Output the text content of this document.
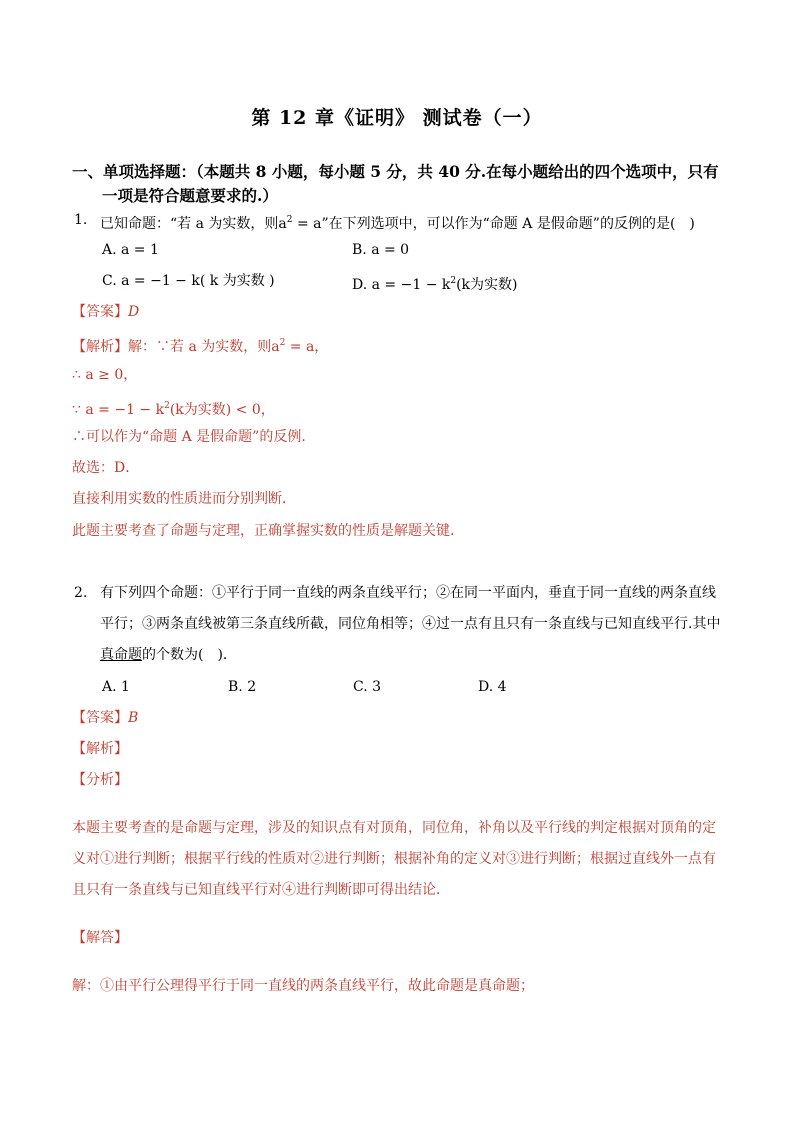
第 12 章《证明》 测试卷（一）
一、单项选择题：（本题共 8 小题，每小题 5 分，共 40 分.在每小题给出的四个选项中，只有
一项是符合题意要求的.）
1. 已知命题：“若 a 为实数，则$a^2 = a$”在下列选项中，可以作为“命题 A 是假命题”的反例的是(　)
A. a = 1	B. a = 0
C. a = −1 − k( k 为实数 )	D. $a = -1 - k^2(k$为实数)
【答案】D
【解析】解：∵若 a 为实数，则$a^2 = a$，
∴ a ≥ 0，
∵ $a = -1 - k^2(k$为实数) < 0，
∴可以作为“命题 A 是假命题”的反例．
故选：D．
直接利用实数的性质进而分别判断．
此题主要考查了命题与定理，正确掌握实数的性质是解题关键．
2. 有下列四个命题：①平行于同一直线的两条直线平行；②在同一平面内，垂直于同一直线的两条直线
平行；③两条直线被第三条直线所截，同位角相等；④过一点有且只有一条直线与已知直线平行.其中
真命题的个数为(　)．
A. 1	B. 2	C. 3	D. 4
【答案】B
【解析】
【分析】
本题主要考查的是命题与定理，涉及的知识点有对顶角，同位角，补角以及平行线的判定根据对顶角的定
义对①进行判断；根据平行线的性质对②进行判断；根据补角的定义对③进行判断；根据过直线外一点有
且只有一条直线与已知直线平行对④进行判断即可得出结论．
【解答】
解：①由平行公理得平行于同一直线的两条直线平行，故此命题是真命题；
